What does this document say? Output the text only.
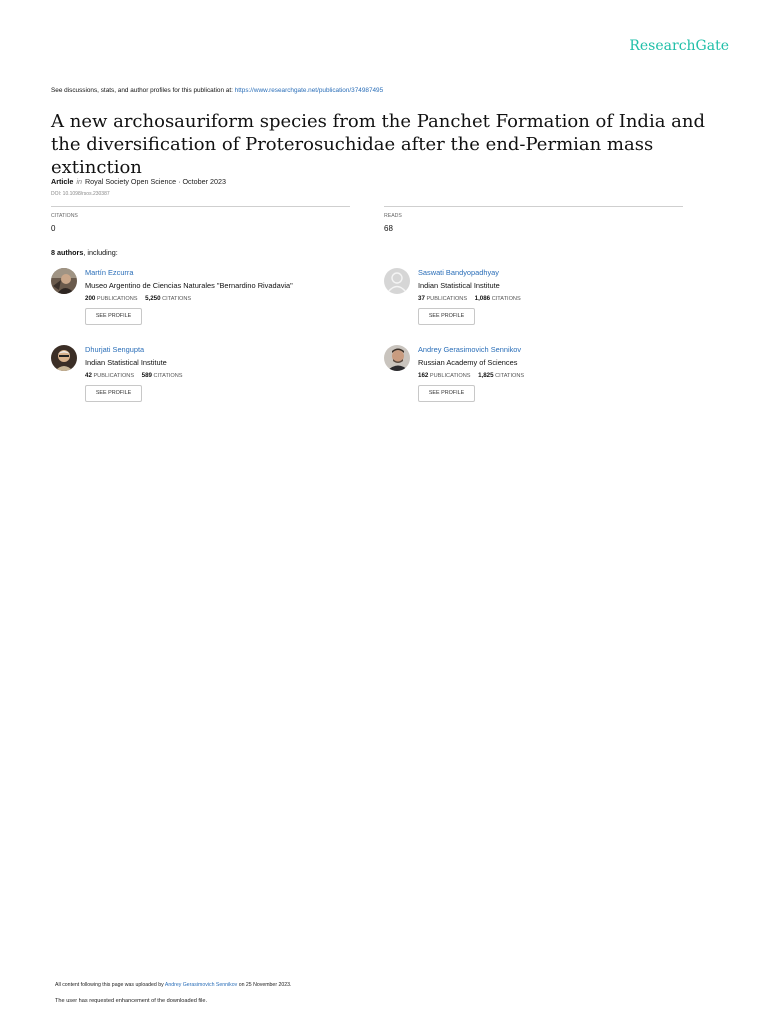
ResearchGate
See discussions, stats, and author profiles for this publication at: https://www.researchgate.net/publication/374987495
A new archosauriform species from the Panchet Formation of India and the diversification of Proterosuchidae after the end-Permian mass extinction
Article in Royal Society Open Science · October 2023
DOI: 10.1098/rsos.230387
CITATIONS
0
READS
68
8 authors, including:
Martín Ezcurra
Museo Argentino de Ciencias Naturales "Bernardino Rivadavia"
200 PUBLICATIONS 5,250 CITATIONS
SEE PROFILE
Saswati Bandyopadhyay
Indian Statistical Institute
37 PUBLICATIONS 1,086 CITATIONS
SEE PROFILE
Dhurjati Sengupta
Indian Statistical Institute
42 PUBLICATIONS 589 CITATIONS
SEE PROFILE
Andrey Gerasimovich Sennikov
Russian Academy of Sciences
162 PUBLICATIONS 1,825 CITATIONS
SEE PROFILE
All content following this page was uploaded by Andrey Gerasimovich Sennikov on 25 November 2023.
The user has requested enhancement of the downloaded file.
